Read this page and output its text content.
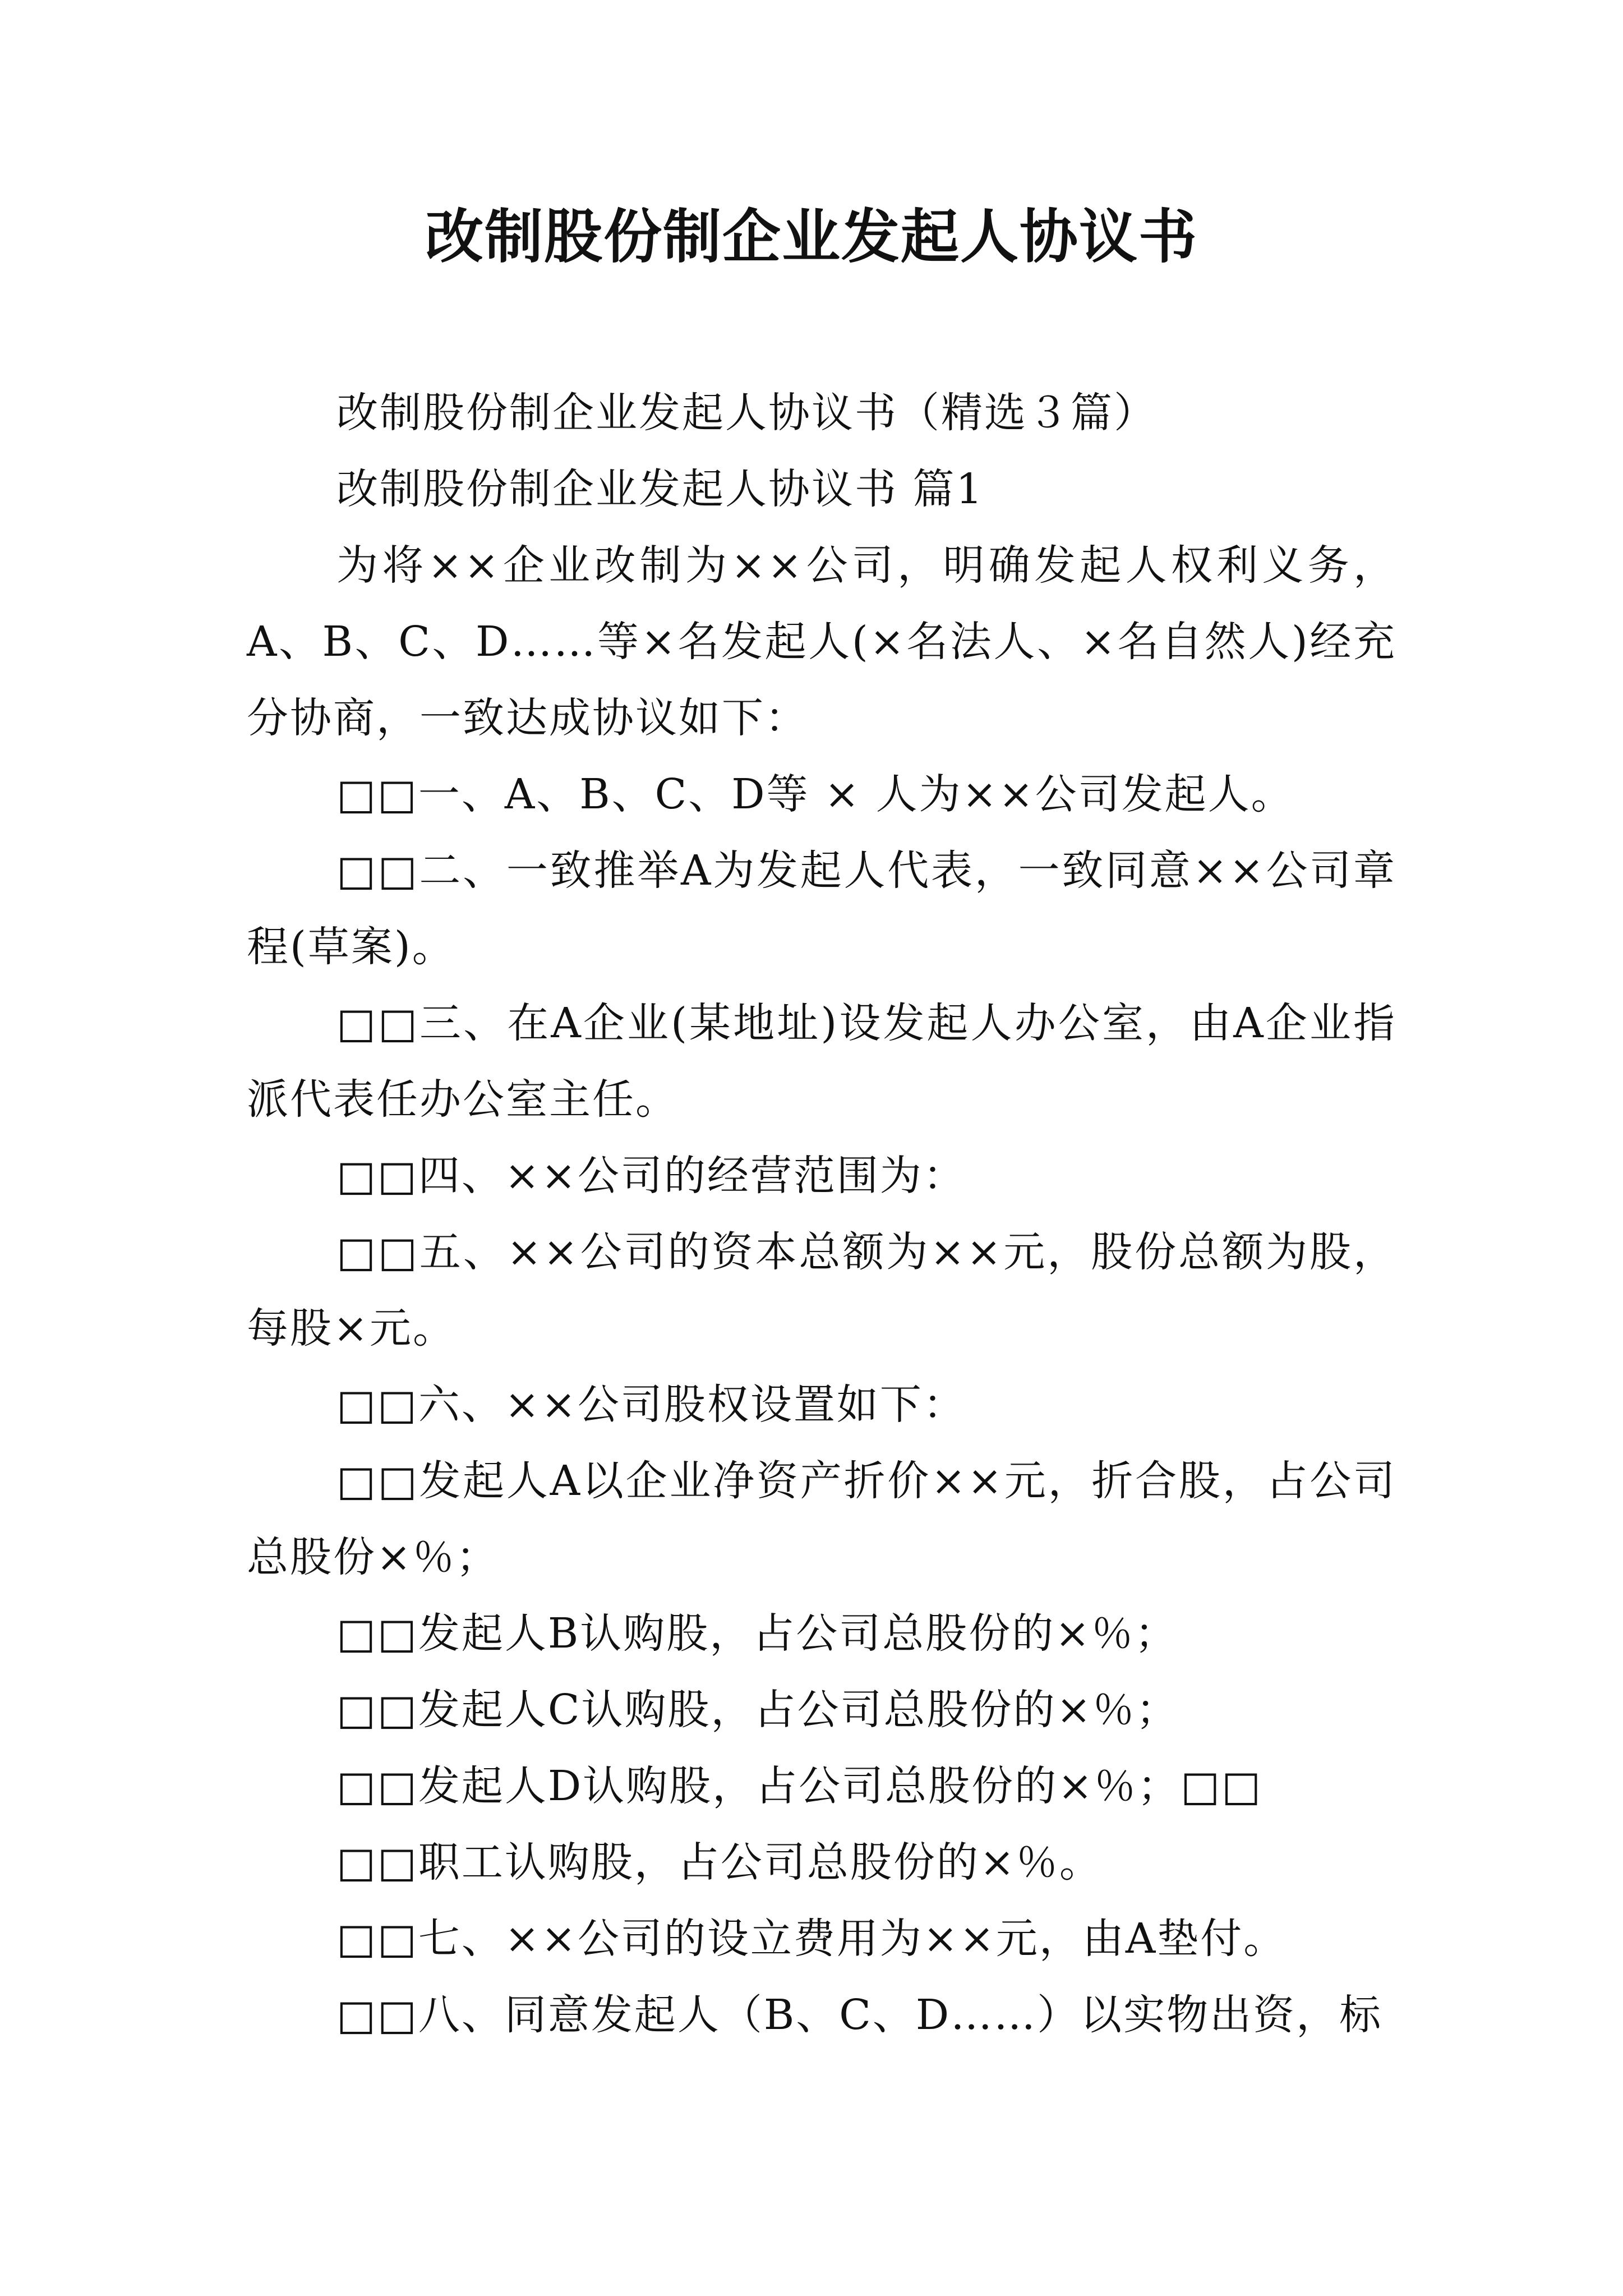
改制股份制企业发起人协议书

改制股份制企业发起人协议书（精选３篇）

改制股份制企业发起人协议书 篇1

为将××企业改制为××公司，明确发起人权利义务，A、B、C、D……等×名发起人(×名法人、×名自然人)经充分协商，一致达成协议如下：

□□一、A、B、C、D等 × 人为××公司发起人。

□□二、一致推举A为发起人代表，一致同意××公司章程(草案)。

□□三、在A企业(某地址)设发起人办公室，由A企业指派代表任办公室主任。

□□四、××公司的经营范围为：

□□五、××公司的资本总额为××元，股份总额为股，每股×元。

□□六、××公司股权设置如下：

□□发起人A以企业净资产折价××元，折合股，占公司总股份×％；

□□发起人B认购股，占公司总股份的×％；

□□发起人C认购股，占公司总股份的×％；

□□发起人D认购股，占公司总股份的×％；□□

□□职工认购股，占公司总股份的×％。

□□七、××公司的设立费用为××元，由A垫付。

□□八、同意发起人（B、C、D……）以实物出资，标
